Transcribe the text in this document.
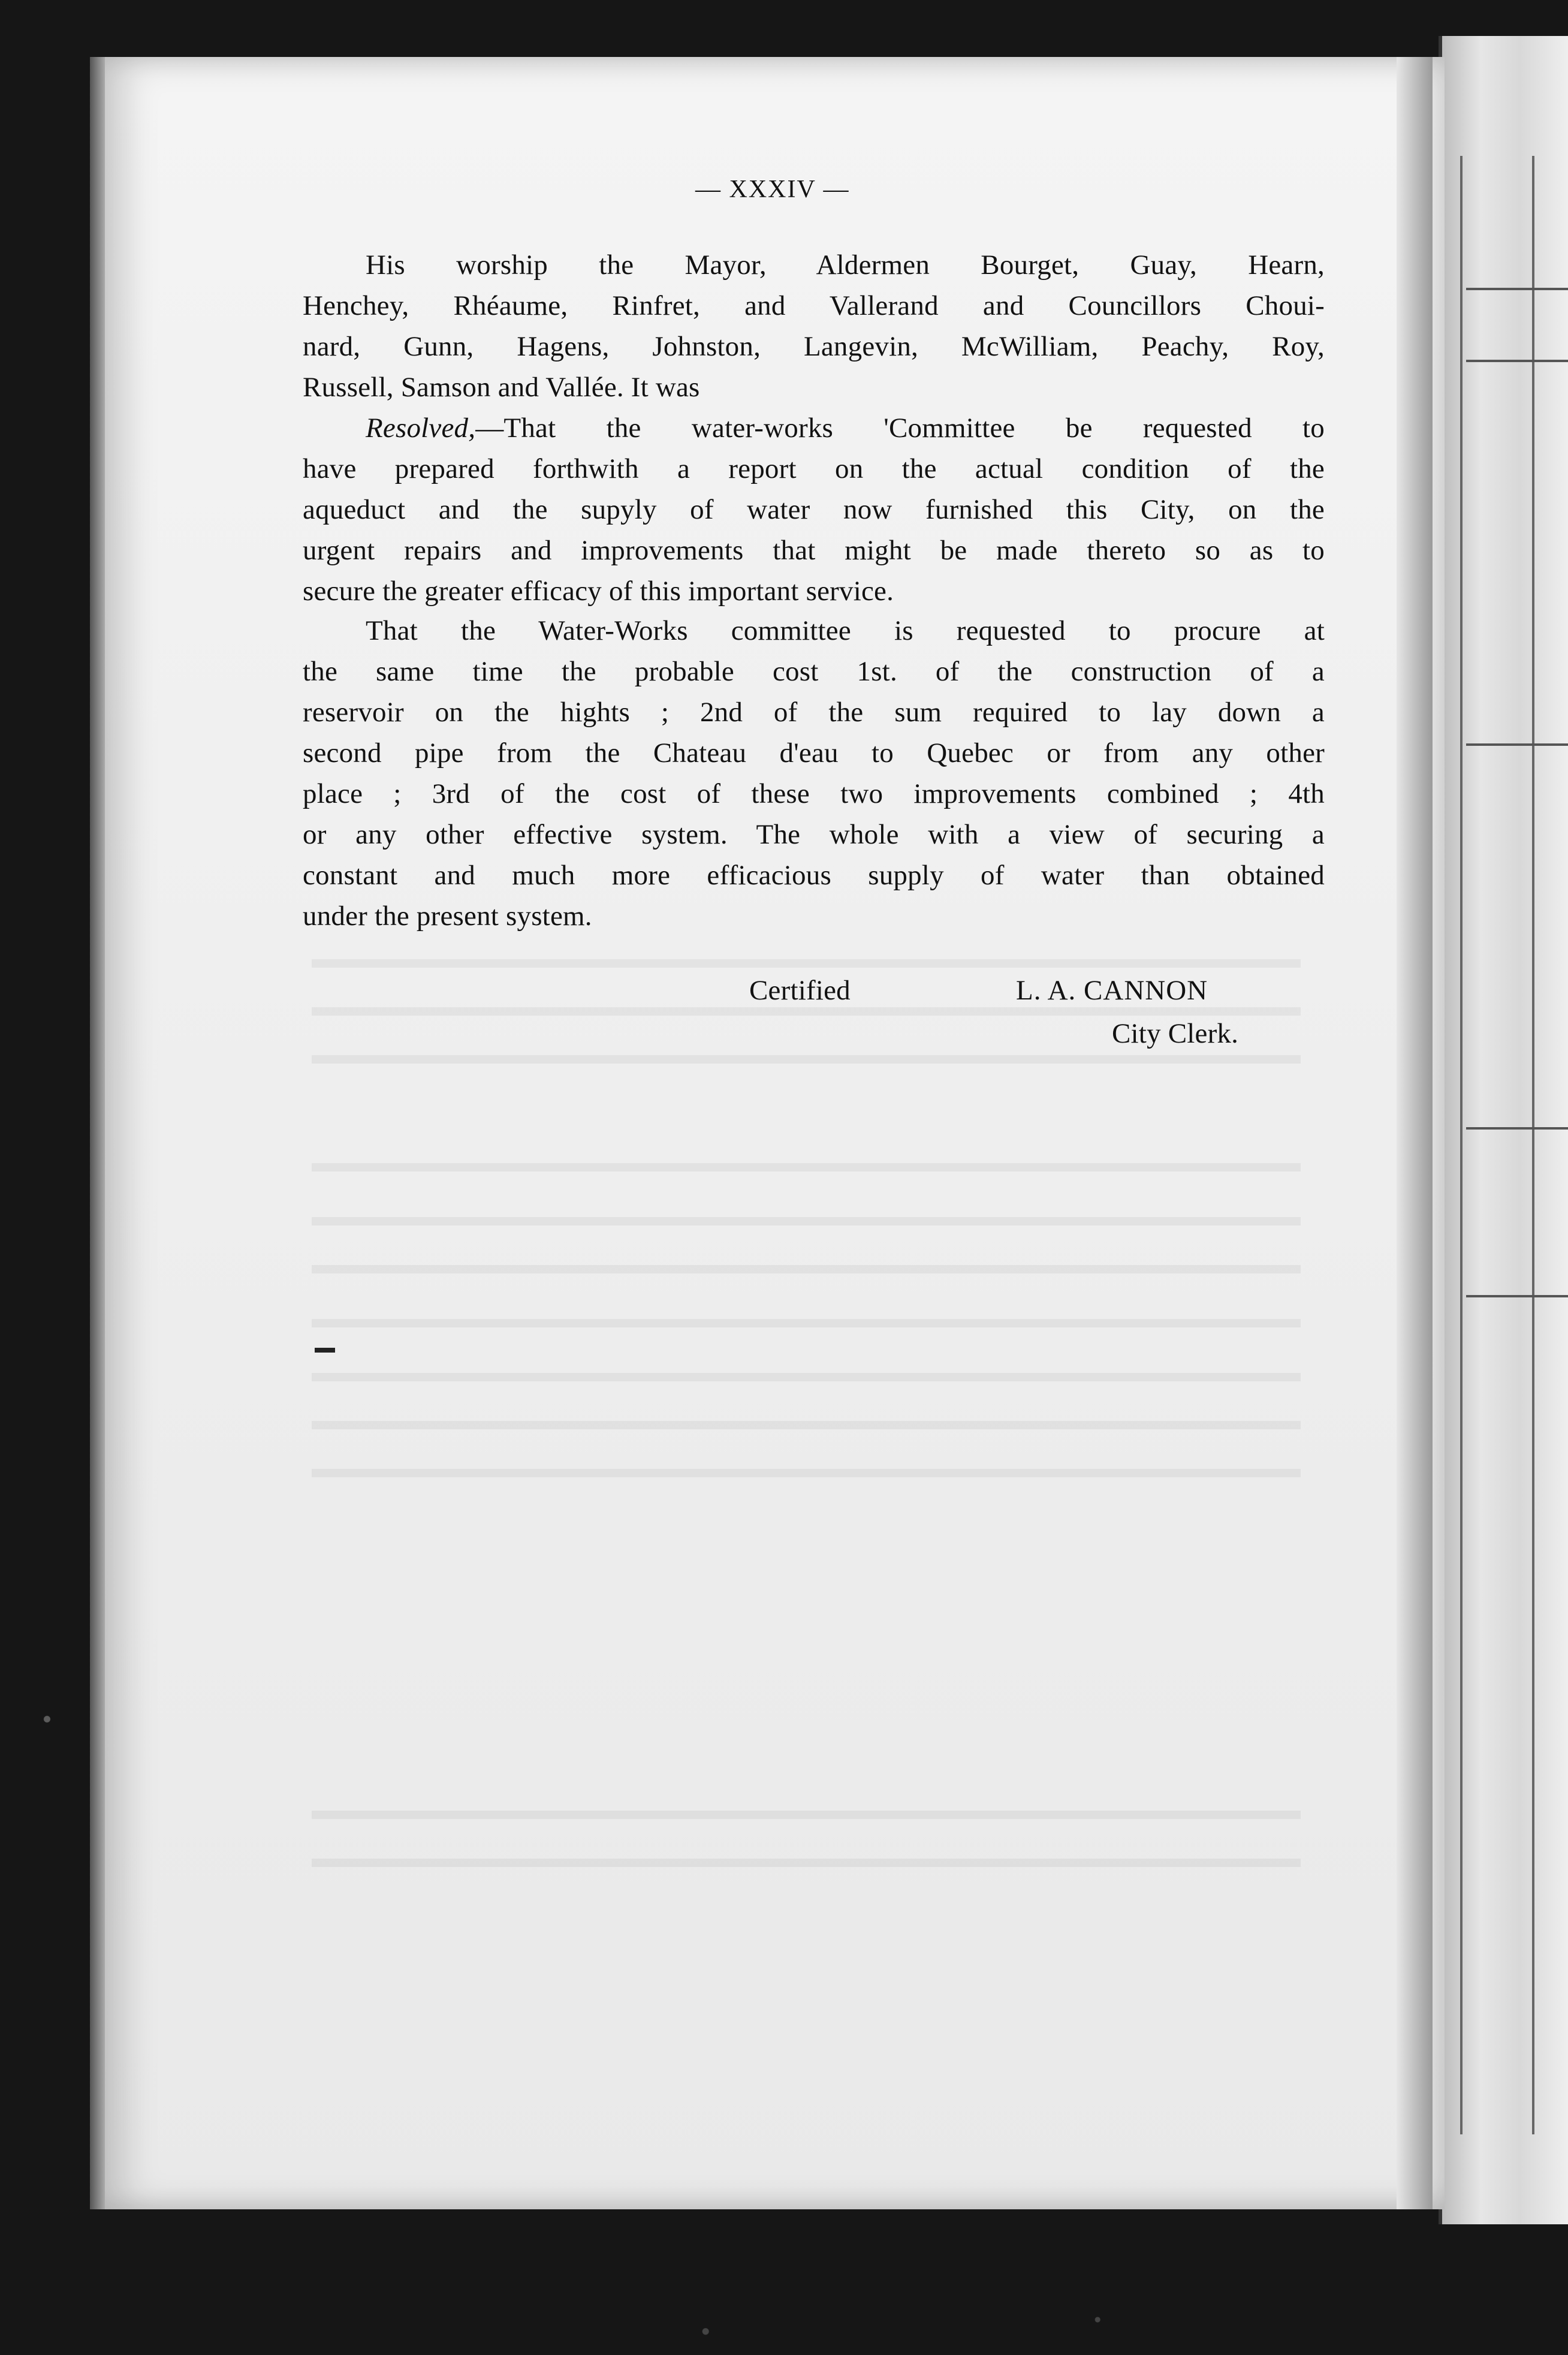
— XXXIV —
His worship the Mayor, Aldermen Bourget, Guay, Hearn,
Henchey, Rhéaume, Rinfret, and Vallerand and Councillors Choui-
nard, Gunn, Hagens, Johnston, Langevin, McWilliam, Peachy, Roy,
Russell, Samson and Vallée. It was
Resolved,—That the water-works 'Committee be requested to
have prepared forthwith a report on the actual condition of the
aqueduct and the supyly of water now furnished this City, on the
urgent repairs and improvements that might be made thereto so as to
secure the greater efficacy of this important service.
That the Water-Works committee is requested to procure at
the same time the probable cost 1st. of the construction of a
reservoir on the hights ; 2nd of the sum required to lay down a
second pipe from the Chateau d'eau to Quebec or from any other
place ; 3rd of the cost of these two improvements combined ; 4th
or any other effective system. The whole with a view of securing a
constant and much more efficacious supply of water than obtained
under the present system.
Certified	L. A. CANNON
City Clerk.
